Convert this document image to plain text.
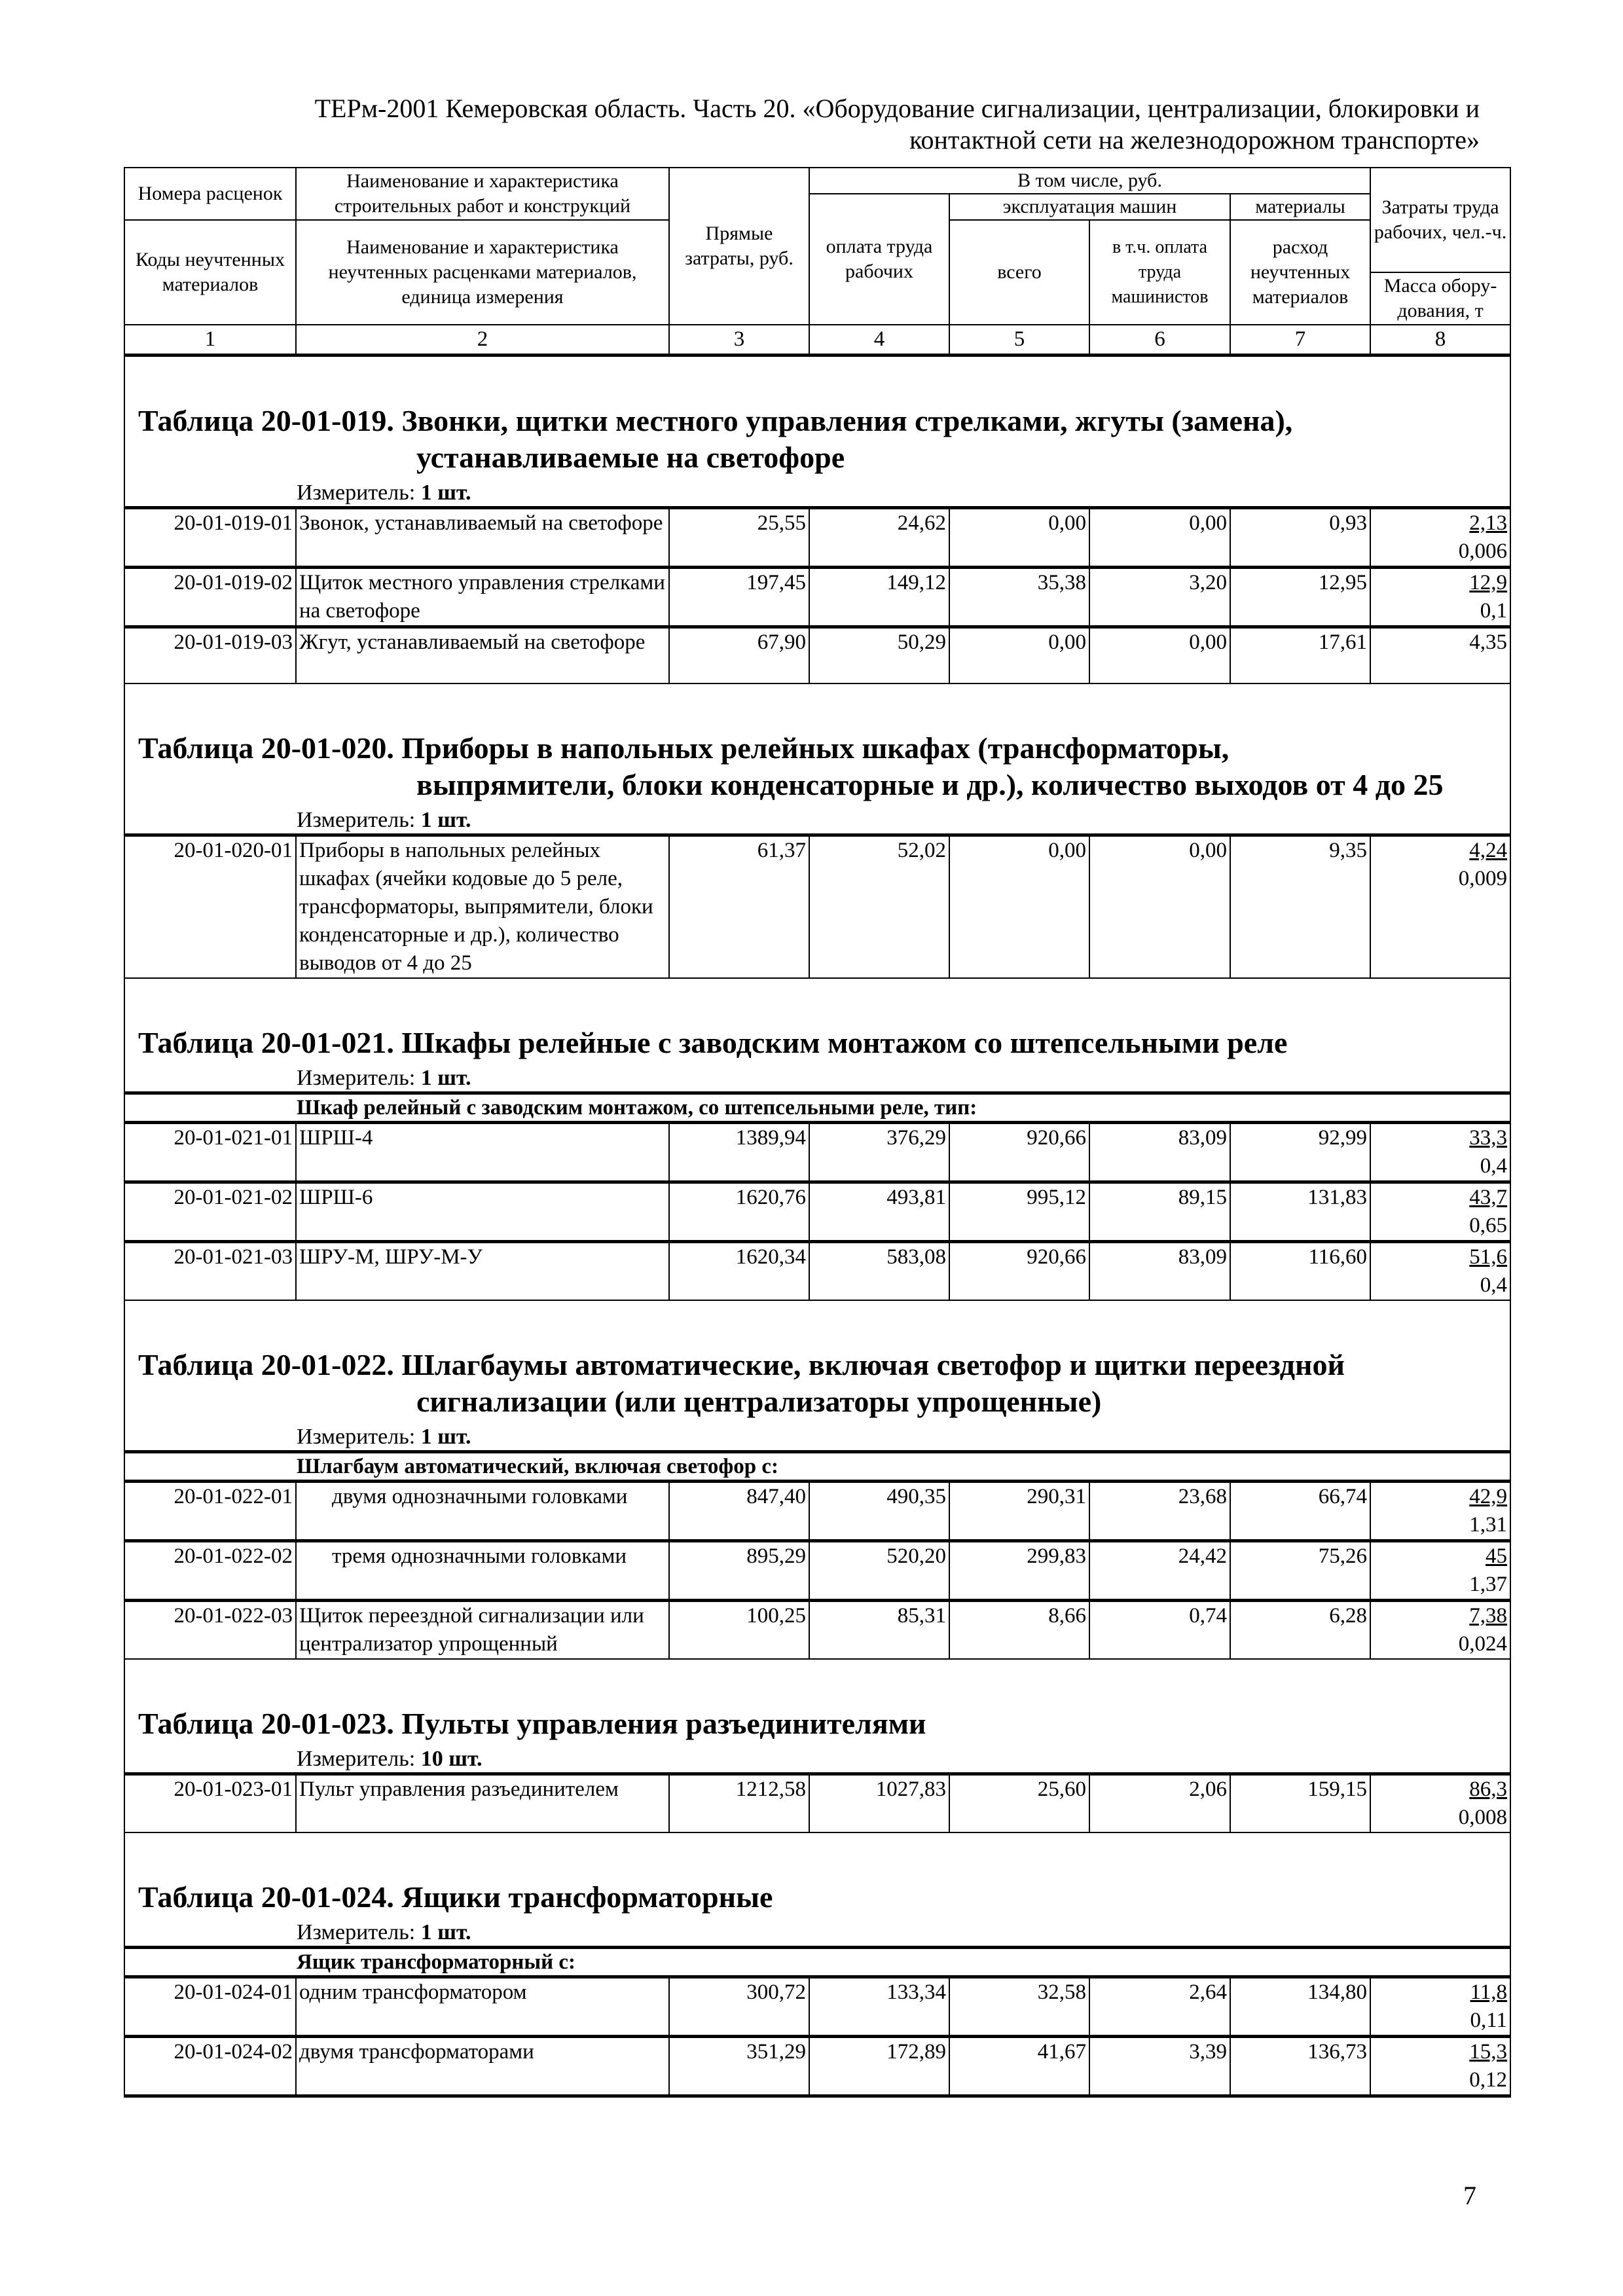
ТЕРм-2001 Кемеровская область. Часть 20. «Оборудование сигнализации, централизации, блокировки и
контактной сети на железнодорожном транспорте»
Номера расценок	Наименование и характеристика строительных работ и конструкций	Прямые затраты, руб.	В том числе, руб.				Затраты труда рабочих, чел.-ч.
			оплата труда рабочих	эксплуатация машин		материалы	
Коды неучтенных материалов	Наименование и характеристика неучтенных расценками материалов, единица измерения			всего	в т.ч. оплата труда машинистов	расход неучтенных материалов	
							Масса обору-дования, т
1	2	3	4	5	6	7	8
Таблица 20-01-019. Звонки, щитки местного управления стрелками, жгуты (замена),
устанавливаемые на светофоре							

Измеритель: 1 шт.							
20-01-019-01	Звонок, устанавливаемый на светофоре	25,55	24,62	0,00	0,00	0,93	2,13
0,006

20-01-019-02	Щиток местного управления стрелками на светофоре	197,45	149,12	35,38	3,20	12,95	12,9
0,1

20-01-019-03	Жгут, устанавливаемый на светофоре	67,90	50,29	0,00	0,00	17,61	4,35

Таблица 20-01-020. Приборы в напольных релейных шкафах (трансформаторы,
выпрямители, блоки конденсаторные и др.), количество выходов от 4 до 25							

Измеритель: 1 шт.							
20-01-020-01	Приборы в напольных релейных шкафах (ячейки кодовые до 5 реле, трансформаторы, выпрямители, блоки конденсаторные и др.), количество выводов от 4 до 25	61,37	52,02	0,00	0,00	9,35	4,24
0,009

Таблица 20-01-021. Шкафы релейные с заводским монтажом со штепсельными реле							
Измеритель: 1 шт.							
Шкаф релейный с заводским монтажом, со штепсельными реле, тип:							
20-01-021-01	ШРШ-4	1389,94	376,29	920,66	83,09	92,99	33,3
0,4

20-01-021-02	ШРШ-6	1620,76	493,81	995,12	89,15	131,83	43,7
0,65

20-01-021-03	ШРУ-М, ШРУ-М-У	1620,34	583,08	920,66	83,09	116,60	51,6
0,4

Таблица 20-01-022. Шлагбаумы автоматические, включая светофор и щитки переездной
сигнализации (или централизаторы упрощенные)							

Измеритель: 1 шт.							
Шлагбаум автоматический, включая светофор с:							
20-01-022-01	двумя однозначными головками	847,40	490,35	290,31	23,68	66,74	42,9
1,31

20-01-022-02	тремя однозначными головками	895,29	520,20	299,83	24,42	75,26	45
1,37

20-01-022-03	Щиток переездной сигнализации или централизатор упрощенный	100,25	85,31	8,66	0,74	6,28	7,38
0,024

Таблица 20-01-023. Пульты управления разъединителями							
Измеритель: 10 шт.							
20-01-023-01	Пульт управления разъединителем	1212,58	1027,83	25,60	2,06	159,15	86,3
0,008

Таблица 20-01-024. Ящики трансформаторные							
Измеритель: 1 шт.							
Ящик трансформаторный с:							
20-01-024-01	одним трансформатором	300,72	133,34	32,58	2,64	134,80	11,8
0,11

20-01-024-02	двумя трансформаторами	351,29	172,89	41,67	3,39	136,73	15,3
0,12
7
